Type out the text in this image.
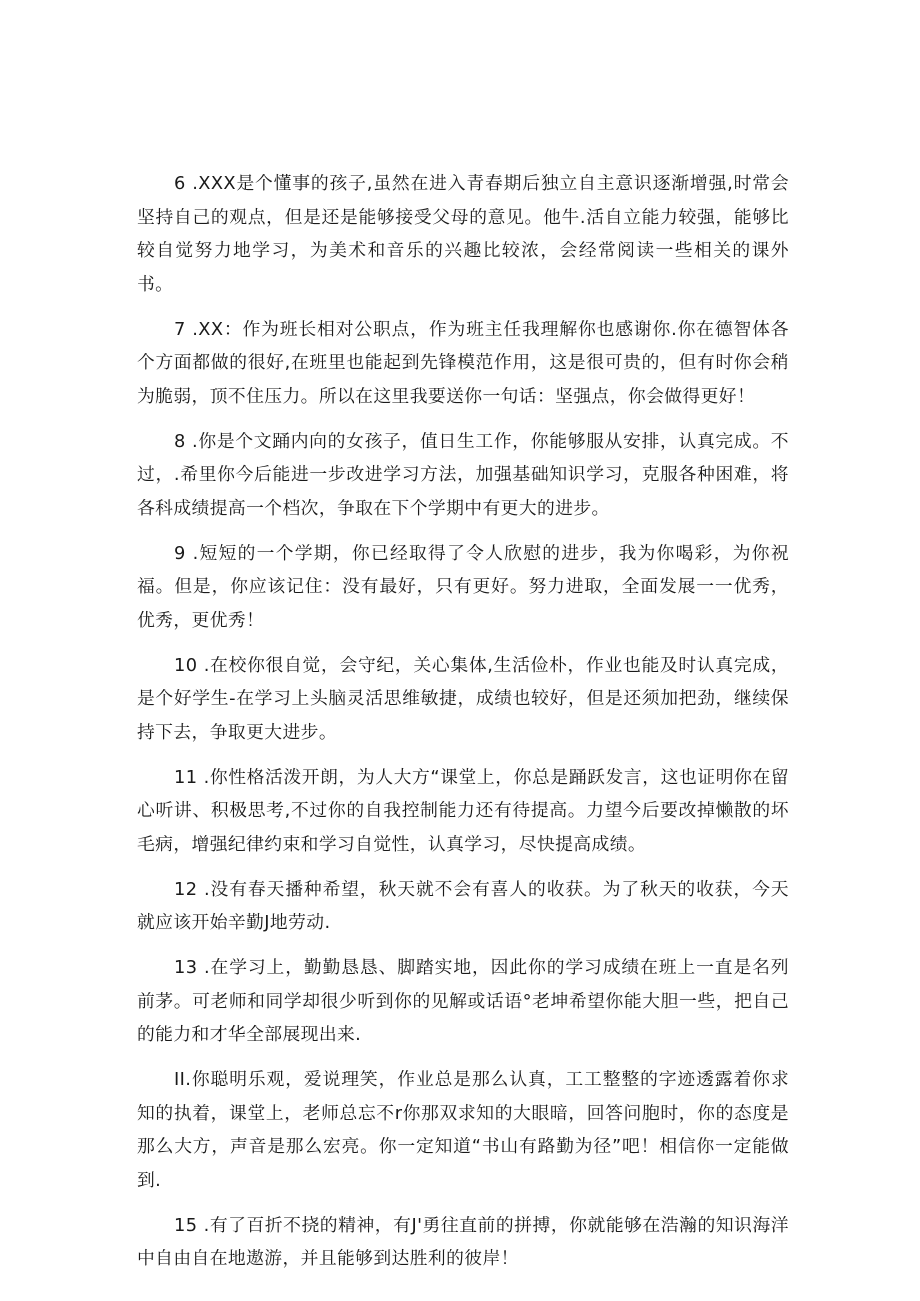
6 .XXX是个懂事的孩子,虽然在进入青春期后独立自主意识逐渐增强,时常会坚持自己的观点，但是还是能够接受父母的意见。他牛.活自立能力较强，能够比较自觉努力地学习，为美术和音乐的兴趣比较浓，会经常阅读一些相关的课外书。

7 .XX：作为班长相对公职点，作为班主任我理解你也感谢你.你在德智体各个方面都做的很好,在班里也能起到先锋模范作用，这是很可贵的，但有时你会稍为脆弱，顶不住压力。所以在这里我要送你一句话：坚强点，你会做得更好！

8 .你是个文踊内向的女孩子，值日生工作，你能够服从安排，认真完成。不过，.希里你今后能进一步改进学习方法，加强基础知识学习，克服各种困难，将各科成绩提高一个档次，争取在下个学期中有更大的进步。

9 .短短的一个学期，你已经取得了令人欣慰的进步，我为你喝彩，为你祝福。但是，你应该记住：没有最好，只有更好。努力进取，全面发展一一优秀，优秀，更优秀！

10 .在校你很自觉，会守纪，关心集体,生活俭朴，作业也能及时认真完成，是个好学生-在学习上头脑灵活思维敏捷，成绩也较好，但是还须加把劲，继续保持下去，争取更大进步。

11 .你性格活泼开朗，为人大方“课堂上，你总是踊跃发言，这也证明你在留心听讲、积极思考,不过你的自我控制能力还有待提高。力望今后要改掉懒散的坏毛病，增强纪律约束和学习自觉性，认真学习，尽快提高成绩。

12 .没有春天播种希望，秋天就不会有喜人的收获。为了秋天的收获，今天就应该开始辛勤J地劳动.

13 .在学习上，勤勤恳恳、脚踏实地，因此你的学习成绩在班上一直是名列前茅。可老师和同学却很少听到你的见解或话语°老坤希望你能大胆一些，把自己的能力和才华全部展现出来.

II.你聪明乐观，爱说理笑，作业总是那么认真，工工整整的字迹透露着你求知的执着，课堂上，老师总忘不r你那双求知的大眼暗，回答问胞时，你的态度是那么大方，声音是那么宏亮。你一定知道“书山有路勤为径”吧！相信你一定能做到.

15 .有了百折不挠的精神，有J'勇往直前的拼搏，你就能够在浩瀚的知识海洋中自由自在地遨游，并且能够到达胜利的彼岸！
